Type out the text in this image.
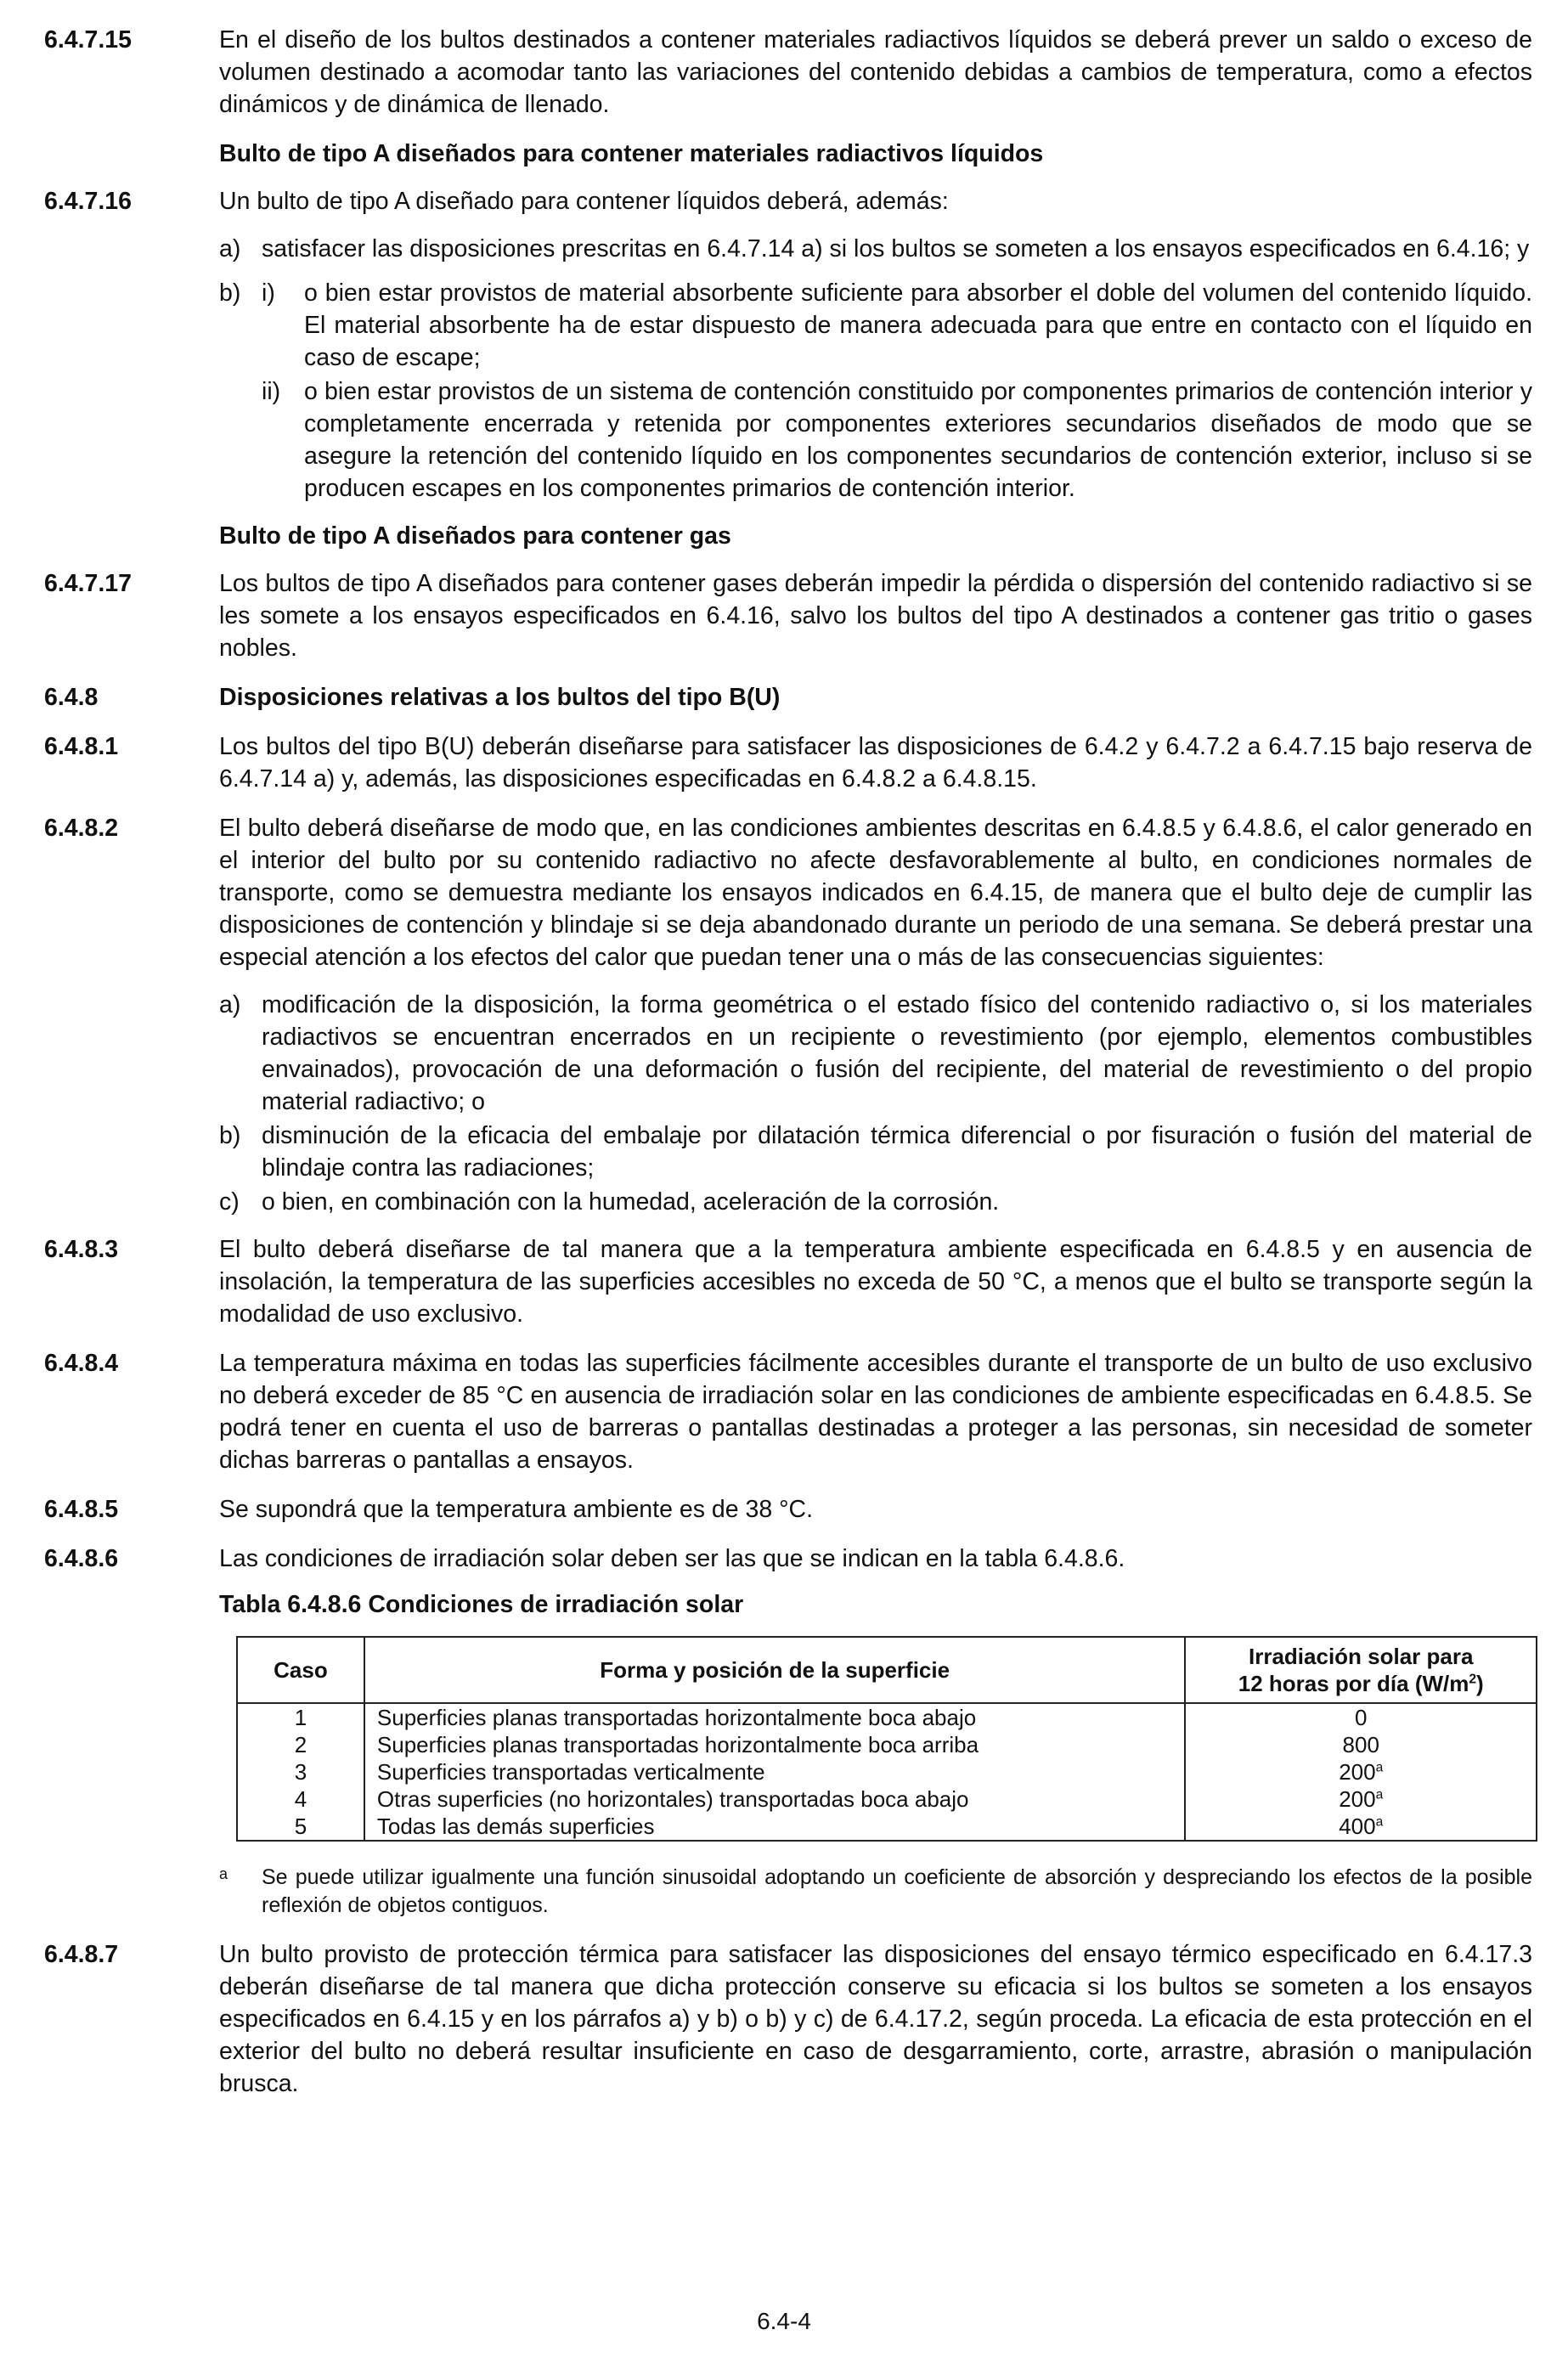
6.4.7.15	En el diseño de los bultos destinados a contener materiales radiactivos líquidos se deberá prever un saldo o exceso de volumen destinado a acomodar tanto las variaciones del contenido debidas a cambios de temperatura, como a efectos dinámicos y de dinámica de llenado.
Bulto de tipo A diseñados para contener materiales radiactivos líquidos
6.4.7.16	Un bulto de tipo A diseñado para contener líquidos deberá, además:
a) satisfacer las disposiciones prescritas en 6.4.7.14 a) si los bultos se someten a los ensayos especificados en 6.4.16; y
b) i) o bien estar provistos de material absorbente suficiente para absorber el doble del volumen del contenido líquido. El material absorbente ha de estar dispuesto de manera adecuada para que entre en contacto con el líquido en caso de escape;
ii) o bien estar provistos de un sistema de contención constituido por componentes primarios de contención interior y completamente encerrada y retenida por componentes exteriores secundarios diseñados de modo que se asegure la retención del contenido líquido en los componentes secundarios de contención exterior, incluso si se producen escapes en los componentes primarios de contención interior.
Bulto de tipo A diseñados para contener gas
6.4.7.17	Los bultos de tipo A diseñados para contener gases deberán impedir la pérdida o dispersión del contenido radiactivo si se les somete a los ensayos especificados en 6.4.16, salvo los bultos del tipo A destinados a contener gas tritio o gases nobles.
6.4.8	Disposiciones relativas a los bultos del tipo B(U)
6.4.8.1	Los bultos del tipo B(U) deberán diseñarse para satisfacer las disposiciones de 6.4.2 y 6.4.7.2 a 6.4.7.15 bajo reserva de 6.4.7.14 a) y, además, las disposiciones especificadas en 6.4.8.2 a 6.4.8.15.
6.4.8.2	El bulto deberá diseñarse de modo que, en las condiciones ambientes descritas en 6.4.8.5 y 6.4.8.6, el calor generado en el interior del bulto por su contenido radiactivo no afecte desfavorablemente al bulto, en condiciones normales de transporte, como se demuestra mediante los ensayos indicados en 6.4.15, de manera que el bulto deje de cumplir las disposiciones de contención y blindaje si se deja abandonado durante un periodo de una semana. Se deberá prestar una especial atención a los efectos del calor que puedan tener una o más de las consecuencias siguientes:
a) modificación de la disposición, la forma geométrica o el estado físico del contenido radiactivo o, si los materiales radiactivos se encuentran encerrados en un recipiente o revestimiento (por ejemplo, elementos combustibles envainados), provocación de una deformación o fusión del recipiente, del material de revestimiento o del propio material radiactivo; o
b) disminución de la eficacia del embalaje por dilatación térmica diferencial o por fisuración o fusión del material de blindaje contra las radiaciones;
c) o bien, en combinación con la humedad, aceleración de la corrosión.
6.4.8.3	El bulto deberá diseñarse de tal manera que a la temperatura ambiente especificada en 6.4.8.5 y en ausencia de insolación, la temperatura de las superficies accesibles no exceda de 50 °C, a menos que el bulto se transporte según la modalidad de uso exclusivo.
6.4.8.4	La temperatura máxima en todas las superficies fácilmente accesibles durante el transporte de un bulto de uso exclusivo no deberá exceder de 85 °C en ausencia de irradiación solar en las condiciones de ambiente especificadas en 6.4.8.5. Se podrá tener en cuenta el uso de barreras o pantallas destinadas a proteger a las personas, sin necesidad de someter dichas barreras o pantallas a ensayos.
6.4.8.5	Se supondrá que la temperatura ambiente es de 38 °C.
6.4.8.6	Las condiciones de irradiación solar deben ser las que se indican en la tabla 6.4.8.6.
Tabla 6.4.8.6 Condiciones de irradiación solar
Caso	Forma y posición de la superficie	Irradiación solar para
12 horas por día $(W/m^2)$
1	Superficies planas transportadas horizontalmente boca abajo	0
2	Superficies planas transportadas horizontalmente boca arriba	800
3	Superficies transportadas verticalmente	200$^a$
4	Otras superficies (no horizontales) transportadas boca abajo	200$^a$
5	Todas las demás superficies	400$^a$
a Se puede utilizar igualmente una función sinusoidal adoptando un coeficiente de absorción y despreciando los efectos de la posible reflexión de objetos contiguos.
6.4.8.7	Un bulto provisto de protección térmica para satisfacer las disposiciones del ensayo térmico especificado en 6.4.17.3 deberán diseñarse de tal manera que dicha protección conserve su eficacia si los bultos se someten a los ensayos especificados en 6.4.15 y en los párrafos a) y b) o b) y c) de 6.4.17.2, según proceda. La eficacia de esta protección en el exterior del bulto no deberá resultar insuficiente en caso de desgarramiento, corte, arrastre, abrasión o manipulación brusca.
6.4-4
